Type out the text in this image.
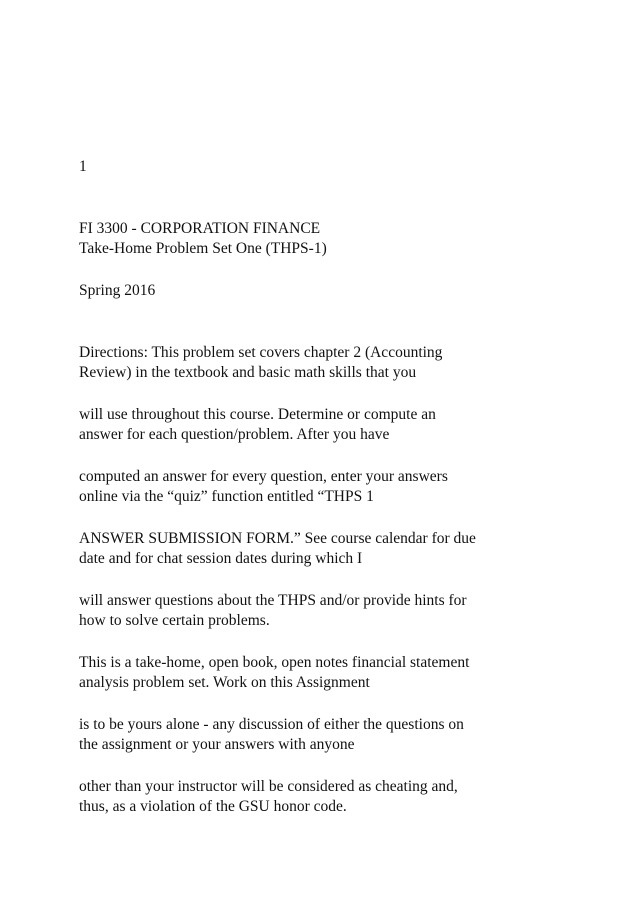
1

FI 3300 - CORPORATION FINANCE

Take-Home Problem Set One (THPS-1)

Spring 2016

Directions: This problem set covers chapter 2 (Accounting

Review) in the textbook and basic math skills that you

will use throughout this course. Determine or compute an

answer for each question/problem. After you have

computed an answer for every question, enter your answers

online via the “quiz” function entitled “THPS 1

ANSWER SUBMISSION FORM.” See course calendar for due

date and for chat session dates during which I

will answer questions about the THPS and/or provide hints for

how to solve certain problems.

This is a take-home, open book, open notes financial statement

analysis problem set. Work on this Assignment

is to be yours alone - any discussion of either the questions on

the assignment or your answers with anyone

other than your instructor will be considered as cheating and,

thus, as a violation of the GSU honor code.
